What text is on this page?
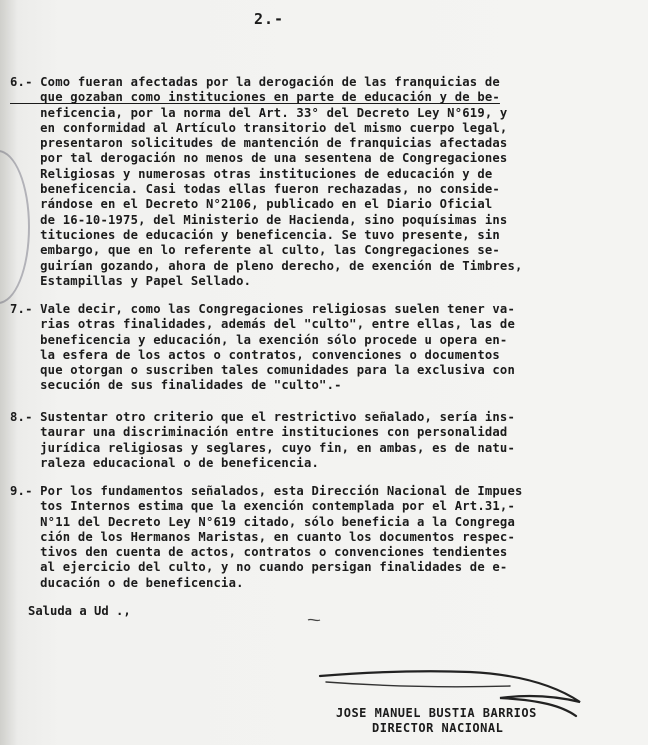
2.-
6.- Como fueran afectadas por la derogación de las franquicias de
que gozaban como instituciones en parte de educación y de be-
neficencia, por la norma del Art. 33° del Decreto Ley N°619, y
en conformidad al Artículo transitorio del mismo cuerpo legal,
presentaron solicitudes de mantención de franquicias afectadas
por tal derogación no menos de una sesentena de Congregaciones
Religiosas y numerosas otras instituciones de educación y de
beneficencia. Casi todas ellas fueron rechazadas, no conside-
rándose en el Decreto N°2106, publicado en el Diario Oficial
de 16-10-1975, del Ministerio de Hacienda, sino poquísimas ins
tituciones de educación y beneficencia. Se tuvo presente, sin
embargo, que en lo referente al culto, las Congregaciones se-
guirían gozando, ahora de pleno derecho, de exención de Timbres,
Estampillas y Papel Sellado.
7.- Vale decir, como las Congregaciones religiosas suelen tener va-
rias otras finalidades, además del "culto", entre ellas, las de
beneficencia y educación, la exención sólo procede u opera en-
la esfera de los actos o contratos, convenciones o documentos
que otorgan o suscriben tales comunidades para la exclusiva con
secución de sus finalidades de "culto".-
8.- Sustentar otro criterio que el restrictivo señalado, sería ins-
taurar una discriminación entre instituciones con personalidad
jurídica religiosas y seglares, cuyo fin, en ambas, es de natu-
raleza educacional o de beneficencia.
9.- Por los fundamentos señalados, esta Dirección Nacional de Impues
tos Internos estima que la exención contemplada por el Art.31,-
N°11 del Decreto Ley N°619 citado, sólo beneficia a la Congrega
ción de los Hermanos Maristas, en cuanto los documentos respec-
tivos den cuenta de actos, contratos o convenciones tendientes
al ejercicio del culto, y no cuando persigan finalidades de e-
ducación o de beneficencia.
Saluda a Ud .,
JOSE MANUEL BUSTIA BARRIOS
DIRECTOR NACIONAL
